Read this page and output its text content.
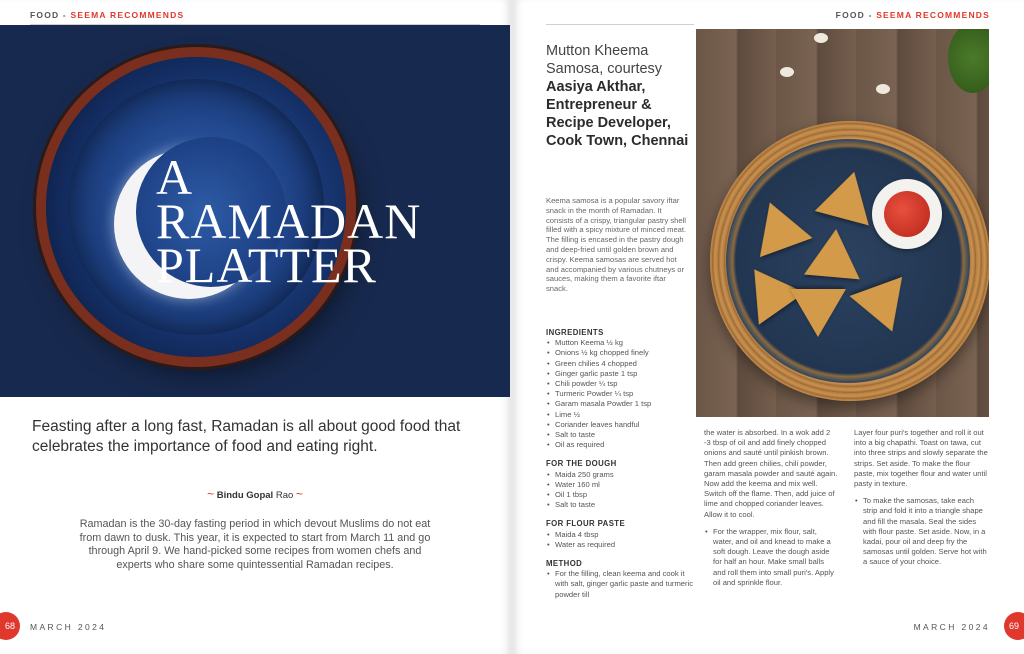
FOOD - SEEMA RECOMMENDS
A
RAMADAN
PLATTER

Feasting after a long fast, Ramadan is all about good food that celebrates the importance of food and eating right.

~ Bindu Gopal Rao ~

Ramadan is the 30-day fasting period in which devout Muslims do not eat from dawn to dusk. This year, it is expected to start from March 11 and go through April 9. We hand-picked some recipes from women chefs and experts who share some quintessential Ramadan recipes.

68	MARCH 2024
FOOD - SEEMA RECOMMENDS
Mutton Kheema Samosa, courtesy Aasiya Akthar, Entrepreneur & Recipe Developer, Cook Town, Chennai

Keema samosa is a popular savory iftar snack in the month of Ramadan. It consists of a crispy, triangular pastry shell filled with a spicy mixture of minced meat. The filling is encased in the pastry dough and deep-fried until golden brown and crispy. Keema samosas are served hot and accompanied by various chutneys or sauces, making them a favorite iftar snack.

INGREDIENTS
• Mutton Keema ½ kg
• Onions ½ kg chopped finely
• Green chilies 4 chopped
• Ginger garlic paste 1 tsp
• Chili powder ¼ tsp
• Turmeric Powder ¼ tsp
• Garam masala Powder 1 tsp
• Lime ½
• Coriander leaves handful
• Salt to taste
• Oil as required
FOR THE DOUGH
• Maida 250 grams
• Water 160 ml
• Oil 1 tbsp
• Salt to taste
FOR FLOUR PASTE
• Maida 4 tbsp
• Water as required
METHOD
• For the filling, clean keema and cook it with salt, ginger garlic paste and turmeric powder till

the water is absorbed. In a wok add 2 -3 tbsp of oil and add finely chopped onions and sauté until pinkish brown. Then add green chilies, chili powder, garam masala powder and sauté again. Now add the keema and mix well. Switch off the flame. Then, add juice of lime and chopped coriander leaves. Allow it to cool.

• For the wrapper, mix flour, salt, water, and oil and knead to make a soft dough. Leave the dough aside for half an hour. Make small balls and roll them into small puri's. Apply oil and sprinkle flour.

Layer four puri's together and roll it out into a big chapathi. Toast on tawa, cut into three strips and slowly separate the strips. Set aside. To make the flour paste, mix together flour and water until pasty in texture.

• To make the samosas, take each strip and fold it into a triangle shape and fill the masala. Seal the sides with flour paste. Set aside. Now, in a kadai, pour oil and deep fry the samosas until golden. Serve hot with a sauce of your choice.

69
MARCH 2024
